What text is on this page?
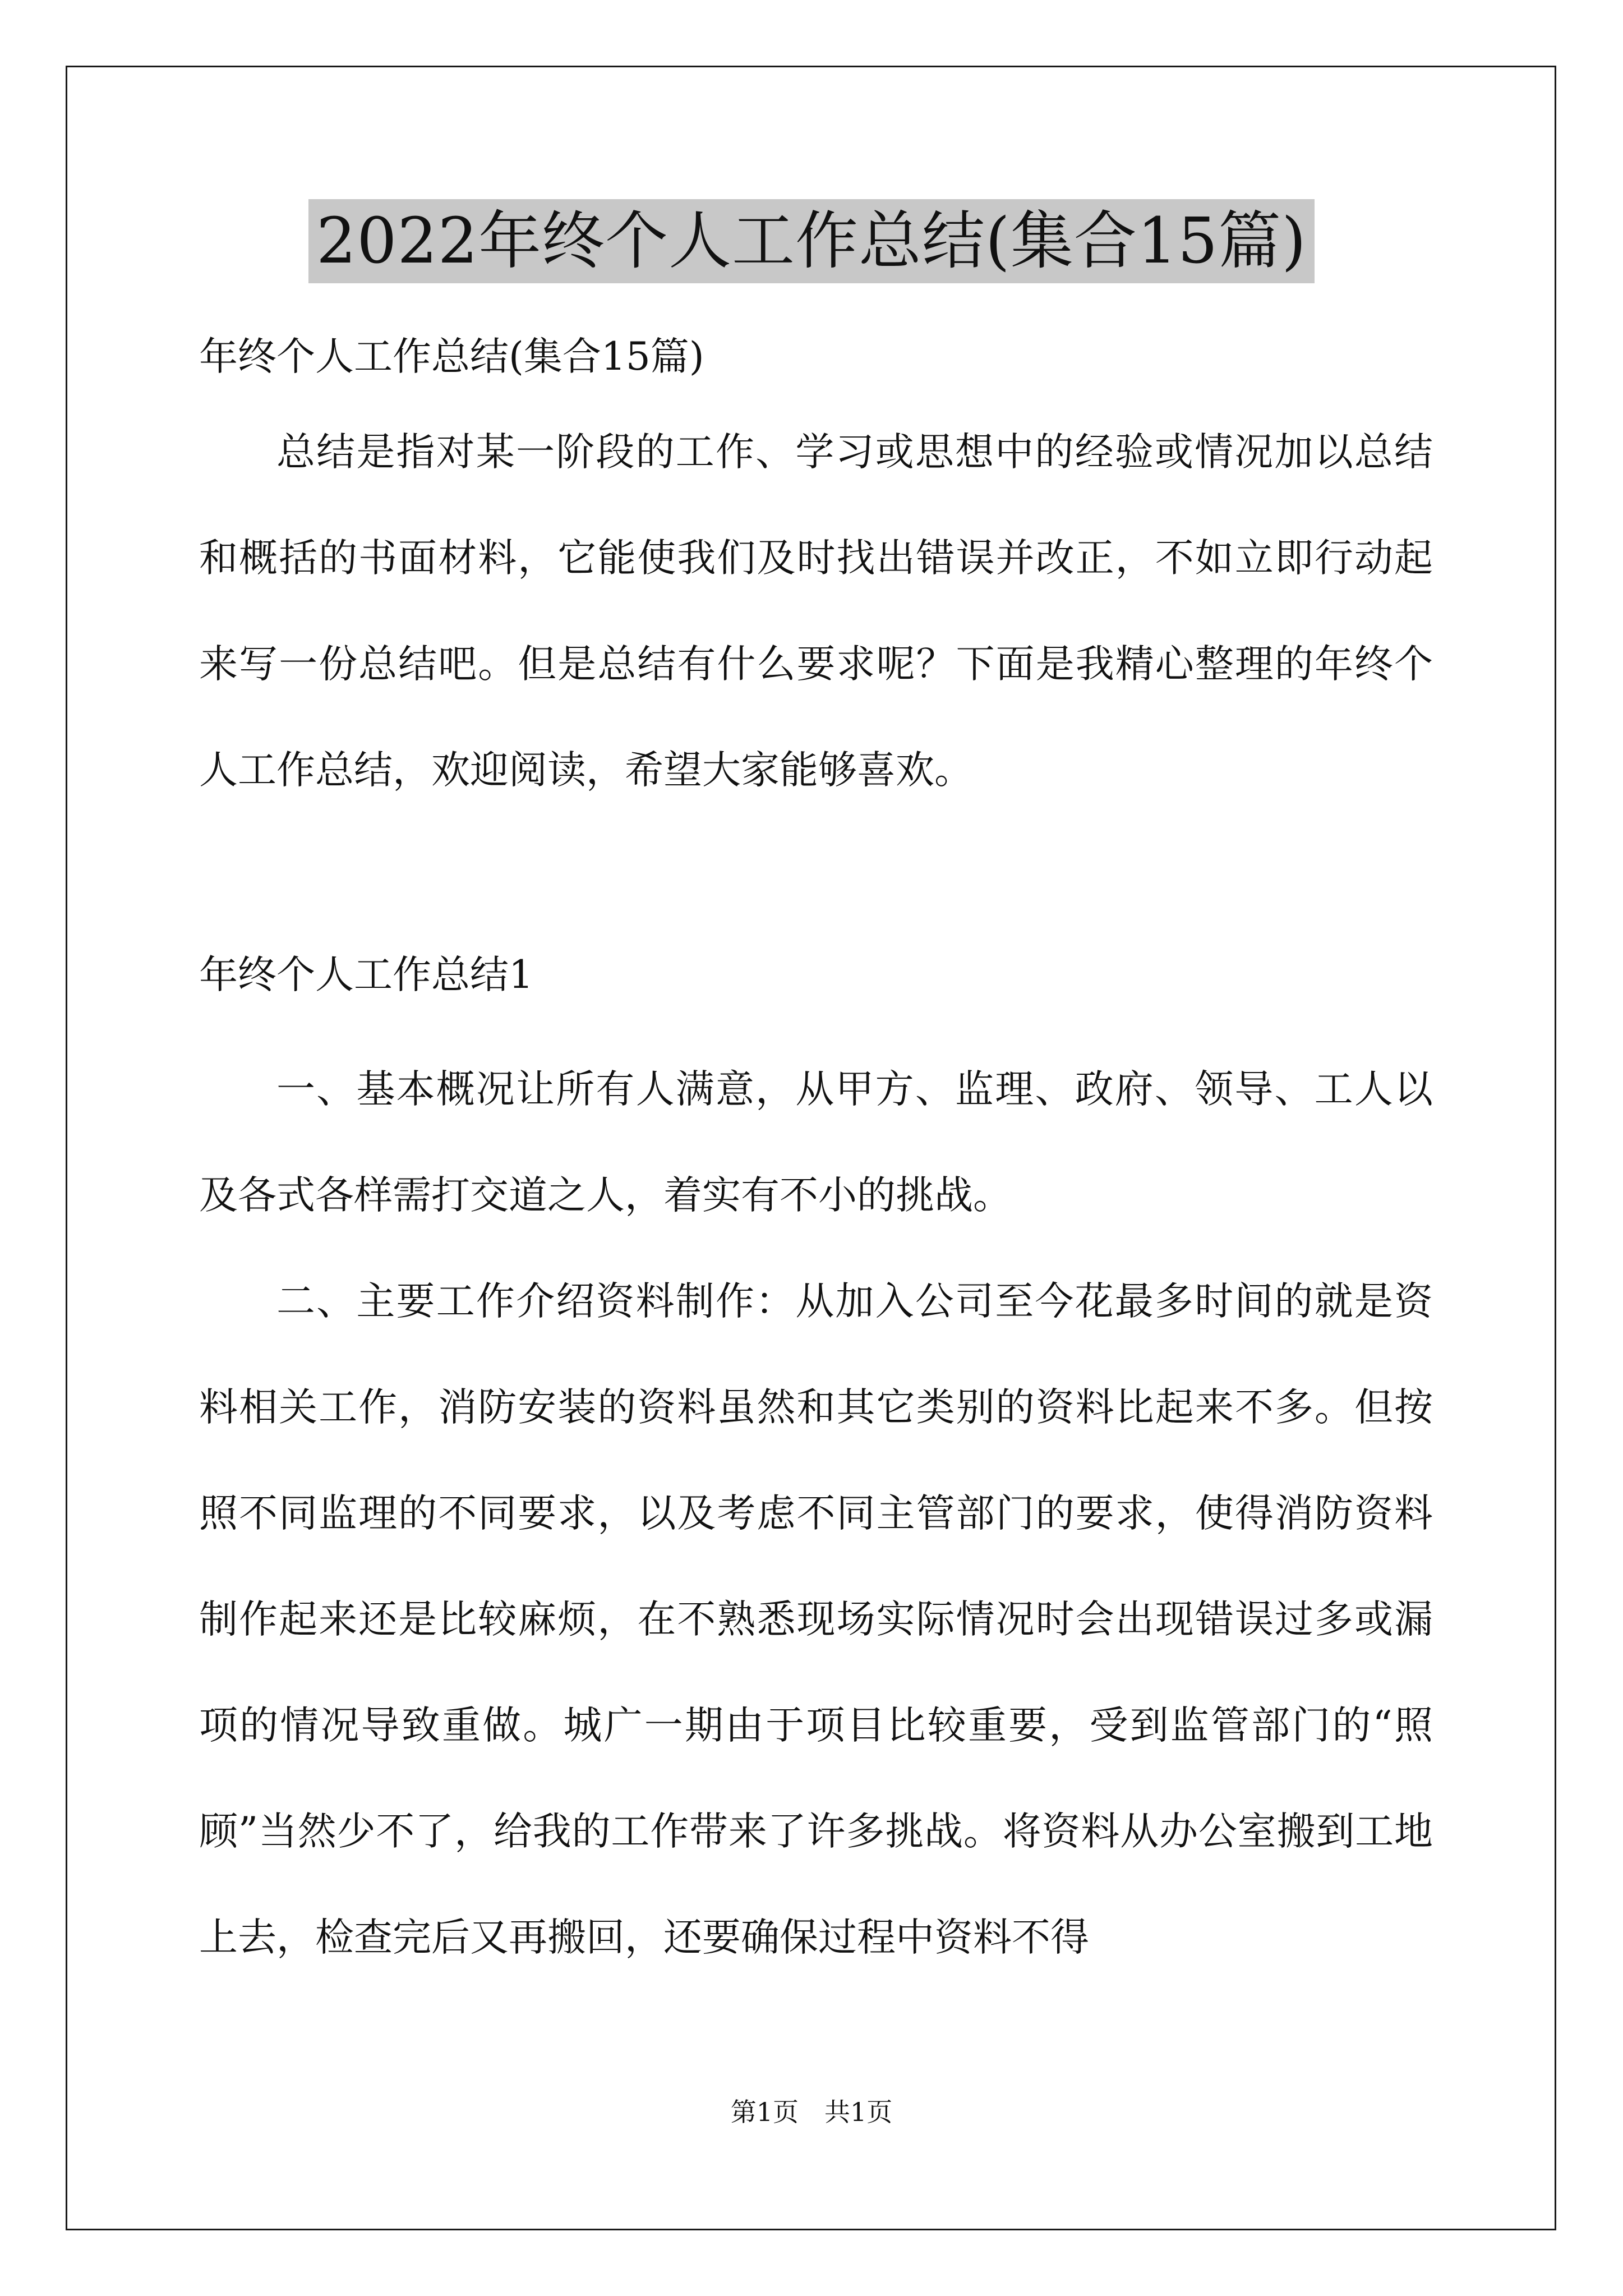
2022年终个人工作总结(集合15篇)

年终个人工作总结(集合15篇)

总结是指对某一阶段的工作、学习或思想中的经验或情况加以总结和概括的书面材料，它能使我们及时找出错误并改正，不如立即行动起来写一份总结吧。但是总结有什么要求呢？下面是我精心整理的年终个人工作总结，欢迎阅读，希望大家能够喜欢。

年终个人工作总结1

一、基本概况让所有人满意，从甲方、监理、政府、领导、工人以及各式各样需打交道之人，着实有不小的挑战。

二、主要工作介绍资料制作：从加入公司至今花最多时间的就是资料相关工作，消防安装的资料虽然和其它类别的资料比起来不多。但按照不同监理的不同要求，以及考虑不同主管部门的要求，使得消防资料制作起来还是比较麻烦，在不熟悉现场实际情况时会出现错误过多或漏项的情况导致重做。城广一期由于项目比较重要，受到监管部门的“照顾”当然少不了，给我的工作带来了许多挑战。将资料从办公室搬到工地上去，检查完后又再搬回，还要确保过程中资料不得

第1页　共1页
